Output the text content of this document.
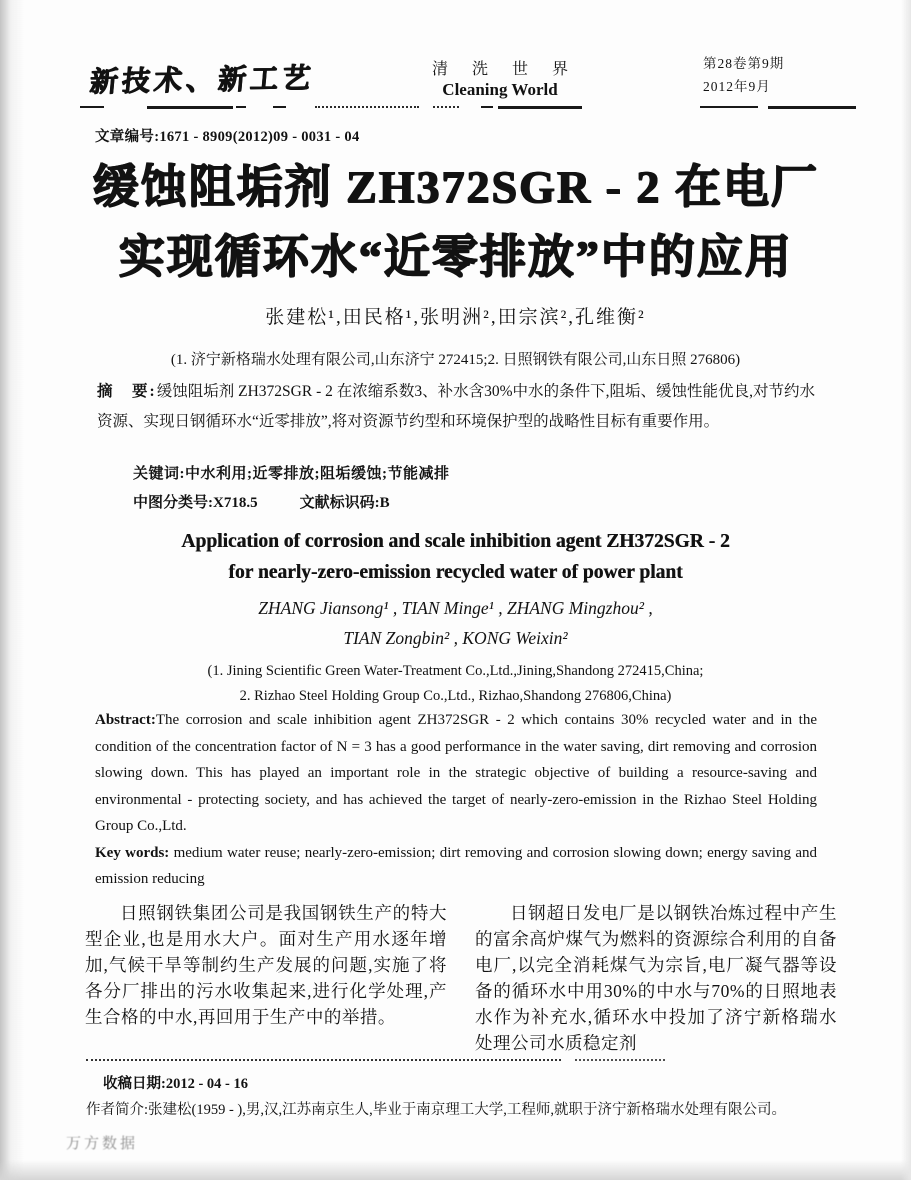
新技术、新工艺	清 洗 世 界
Cleaning World
第28卷第9期
2012年9月
文章编号:1671 - 8909(2012)09 - 0031 - 04
缓蚀阻垢剂 ZH372SGR - 2 在电厂
实现循环水“近零排放”中的应用
张建松¹,田民格¹,张明洲²,田宗滨²,孔维衡²
(1. 济宁新格瑞水处理有限公司,山东济宁 272415;2. 日照钢铁有限公司,山东日照 276806)
摘　要:缓蚀阻垢剂 ZH372SGR - 2 在浓缩系数3、补水含30%中水的条件下,阻垢、缓蚀性能优良,对节约水资源、实现日钢循环水“近零排放”,将对资源节约型和环境保护型的战略性目标有重要作用。
关键词:中水利用;近零排放;阻垢缓蚀;节能减排
中图分类号:X718.5	文献标识码:B
Application of corrosion and scale inhibition agent ZH372SGR - 2
for nearly-zero-emission recycled water of power plant
ZHANG Jiansong¹ , TIAN Minge¹ , ZHANG Mingzhou² ,
TIAN Zongbin² , KONG Weixin²
(1. Jining Scientific Green Water-Treatment Co.,Ltd.,Jining,Shandong 272415,China;
2. Rizhao Steel Holding Group Co.,Ltd., Rizhao,Shandong 276806,China)
Abstract:The corrosion and scale inhibition agent ZH372SGR - 2 which contains 30% recycled water and in the condition of the concentration factor of N = 3 has a good performance in the water saving, dirt removing and corrosion slowing down. This has played an important role in the strategic objective of building a resource-saving and environmental - protecting society, and has achieved the target of nearly-zero-emission in the Rizhao Steel Holding Group Co.,Ltd.
Key words: medium water reuse; nearly-zero-emission; dirt removing and corrosion slowing down; energy saving and emission reducing
日照钢铁集团公司是我国钢铁生产的特大型企业,也是用水大户。面对生产用水逐年增加,气候干旱等制约生产发展的问题,实施了将各分厂排出的污水收集起来,进行化学处理,产生合格的中水,再回用于生产中的举措。
日钢超日发电厂是以钢铁冶炼过程中产生的富余高炉煤气为燃料的资源综合利用的自备电厂,以完全消耗煤气为宗旨,电厂凝气器等设备的循环水中用30%的中水与70%的日照地表水作为补充水,循环水中投加了济宁新格瑞水处理公司水质稳定剂
收稿日期:2012 - 04 - 16
作者简介:张建松(1959 - ),男,汉,江苏南京生人,毕业于南京理工大学,工程师,就职于济宁新格瑞水处理有限公司。
万方数据
